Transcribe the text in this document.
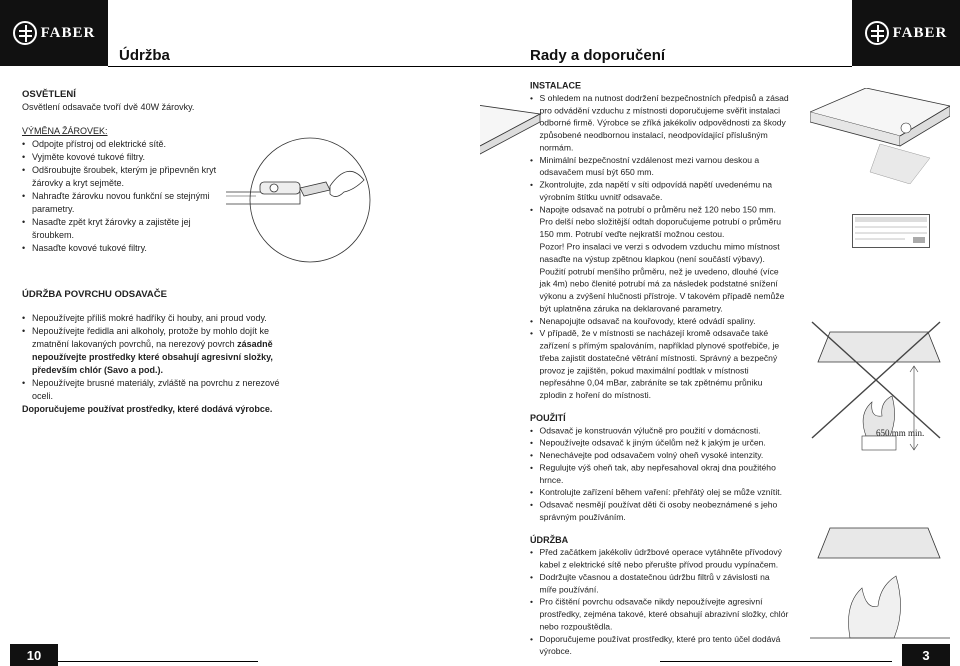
FABER
Údržba
OSVĚTLENÍ
Osvětlení odsavače tvoří dvě 40W žárovky.
VÝMĚNA ŽÁROVEK:
• Odpojte přístroj od elektrické sítě.
• Vyjměte kovové tukové filtry.
• Odšroubujte šroubek, kterým je připevněn kryt žárovky a kryt sejměte.
• Nahraďte žárovku novou funkční se stejnými parametry.
• Nasaďte zpět kryt žárovky a zajistěte jej šroubkem.
• Nasaďte kovové tukové filtry.
ÚDRŽBA POVRCHU ODSAVAČE
• Nepoužívejte příliš mokré hadříky či houby, ani proud vody.
• Nepoužívejte ředidla ani alkoholy, protože by mohlo dojít ke zmatnění lakovaných povrchů, na nerezový povrch zásadně nepoužívejte prostředky které obsahují agresivní složky, především chlór (Savo a pod.).
• Nepoužívejte brusné materiály, zvláště na povrchu z nerezové oceli.
Doporučujeme používat prostředky, které dodává výrobce.
10
Rady a doporučení
FABER
INSTALACE
• S ohledem na nutnost dodržení bezpečnostních předpisů a zásad pro odvádění vzduchu z místnosti doporučujeme svěřit instalaci odborné firmě. Výrobce se zříká jakékoliv odpovědnosti za škody způsobené neodbornou instalací, neodpovídající příslušným normám.
• Minimální bezpečnostní vzdálenost mezi varnou deskou a odsavačem musí být 650 mm.
• Zkontrolujte, zda napětí v síti odpovídá napětí uvedenému na výrobním štítku uvnitř odsavače.
• Napojte odsavač na potrubí o průměru než 120 nebo 150 mm. Pro delší nebo složitější odtah doporučujeme potrubí o průměru 150 mm. Potrubí veďte nejkratší možnou cestou.
Pozor! Pro insalaci ve verzi s odvodem vzduchu mimo místnost nasaďte na výstup zpětnou klapkou (není součástí výbavy). Použití potrubí menšího průměru, než je uvedeno, dlouhé (více jak 4m) nebo členité potrubí má za následek podstatné snížení výkonu a zvýšení hlučnosti přístroje. V takovém případě nemůže být uplatněna záruka na deklarované parametry.
• Nenapojujte odsavač na kouřovody, které odvádí spaliny.
• V případě, že v místnosti se nacházejí kromě odsavače také zařízení s přímým spalováním, například plynové spotřebiče, je třeba zajistit dostatečné větrání místnosti. Správný a bezpečný provoz je zajištěn, pokud maximální podtlak v místnosti nepřesáhne 0,04 mBar, zabráníte se tak zpětnému průniku zplodin z hoření do místnosti.
POUŽITÍ
• Odsavač je konstruován výlučně pro použití v domácnosti.
• Nepoužívejte odsavač k jiným účelům než k jakým je určen.
• Nenechávejte pod odsavačem volný oheň vysoké intenzity.
• Regulujte výš oheň tak, aby nepřesahoval okraj dna použitého hrnce.
• Kontrolujte zařízení během vaření: přehřátý olej se může vznítit.
• Odsavač nesmějí používat děti či osoby neobeznámené s jeho správným používáním.
ÚDRŽBA
• Před začátkem jakékoliv údržbové operace vytáhněte přívodový kabel z elektrické sítě nebo přerušte přívod proudu vypínačem.
• Dodržujte včasnou a dostatečnou údržbu filtrů v závislosti na míře používání.
• Pro čištění povrchu odsavače nikdy nepoužívejte agresivní prostředky, zejména takové, které obsahují abrazivní složky, chlór nebo rozpouštědla.
• Doporučujeme používat prostředky, které pro tento účel dodává výrobce.
650 mm min.
3
